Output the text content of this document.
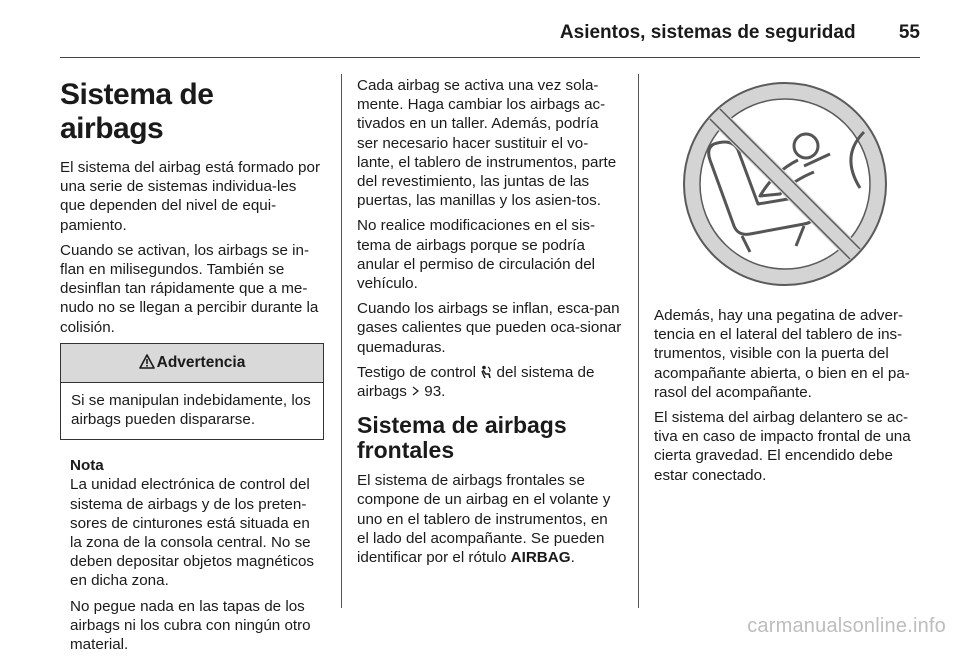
Asientos, sistemas de seguridad 55
Sistema de airbags

El sistema del airbag está formado por una serie de sistemas individua-les que dependen del nivel de equi-pamiento.

Cuando se activan, los airbags se in-flan en milisegundos. También se desinflan tan rápidamente que a me-nudo no se llegan a percibir durante la colisión.

Advertencia
Si se manipulan indebidamente, los airbags pueden dispararse.
Nota

La unidad electrónica de control del sistema de airbags y de los preten-sores de cinturones está situada en la zona de la consola central. No se deben depositar objetos magnéticos en dicha zona.

No pegue nada en las tapas de los airbags ni los cubra con ningún otro material.

Cada airbag se activa una vez sola-mente. Haga cambiar los airbags ac-tivados en un taller. Además, podría ser necesario hacer sustituir el vo-lante, el tablero de instrumentos, parte del revestimiento, las juntas de las puertas, las manillas y los asien-tos.

No realice modificaciones en el sis-tema de airbags porque se podría anular el permiso de circulación del vehículo.

Cuando los airbags se inflan, esca-pan gases calientes que pueden oca-sionar quemaduras.

Testigo de control del sistema de airbags 93.

Sistema de airbags frontales

El sistema de airbags frontales se compone de un airbag en el volante y uno en el tablero de instrumentos, en el lado del acompañante. Se pueden identificar por el rótulo AIRBAG.

Además, hay una pegatina de adver-tencia en el lateral del tablero de ins-trumentos, visible con la puerta del acompañante abierta, o bien en el pa-rasol del acompañante.

El sistema del airbag delantero se ac-tiva en caso de impacto frontal de una cierta gravedad. El encendido debe estar conectado.

carmanualsonline.info
